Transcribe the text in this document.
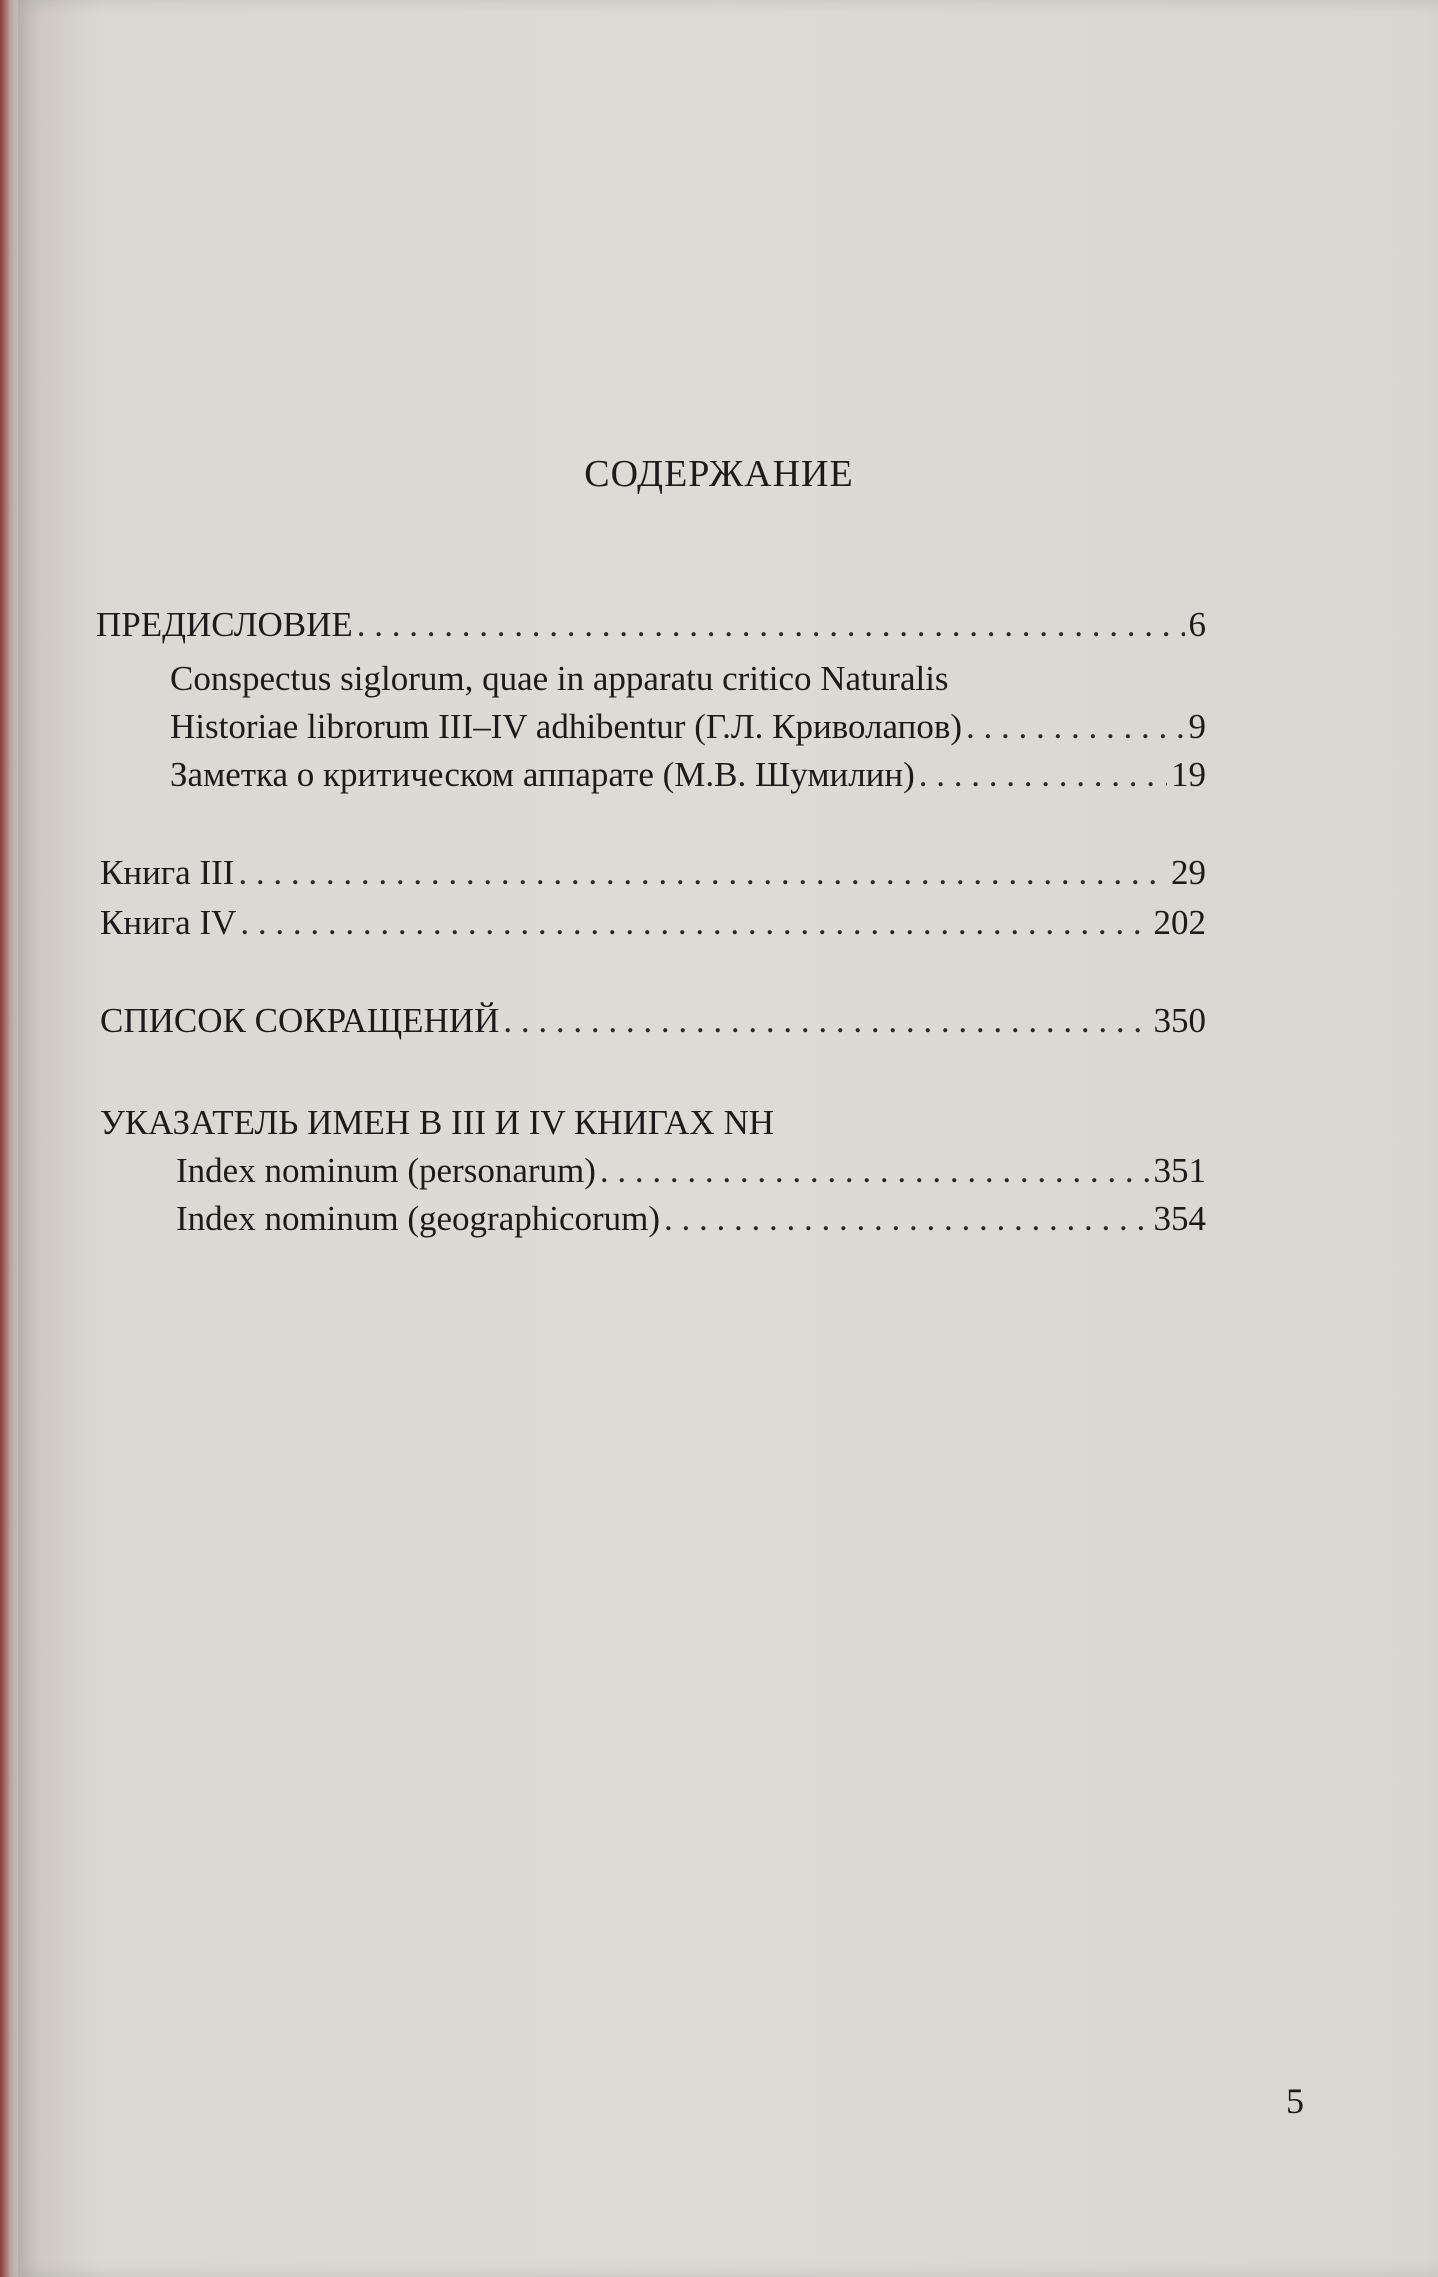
СОДЕРЖАНИЕ
ПРЕДИСЛОВИЕ . . .	6
Conspectus siglorum, quae in apparatu critico Naturalis
Historiae librorum III–IV adhibentur (Г.Л. Криволапов) . . .	9
Заметка о критическом аппарате (М.В. Шумилин) . . .	19
Книга III . . .	29
Книга IV . . .	202
СПИСОК СОКРАЩЕНИЙ . . .	350
УКАЗАТЕЛЬ ИМЕН В III И IV КНИГАХ NH
Index nominum (personarum) . . .	351
Index nominum (geographicorum) . . .	354
5
